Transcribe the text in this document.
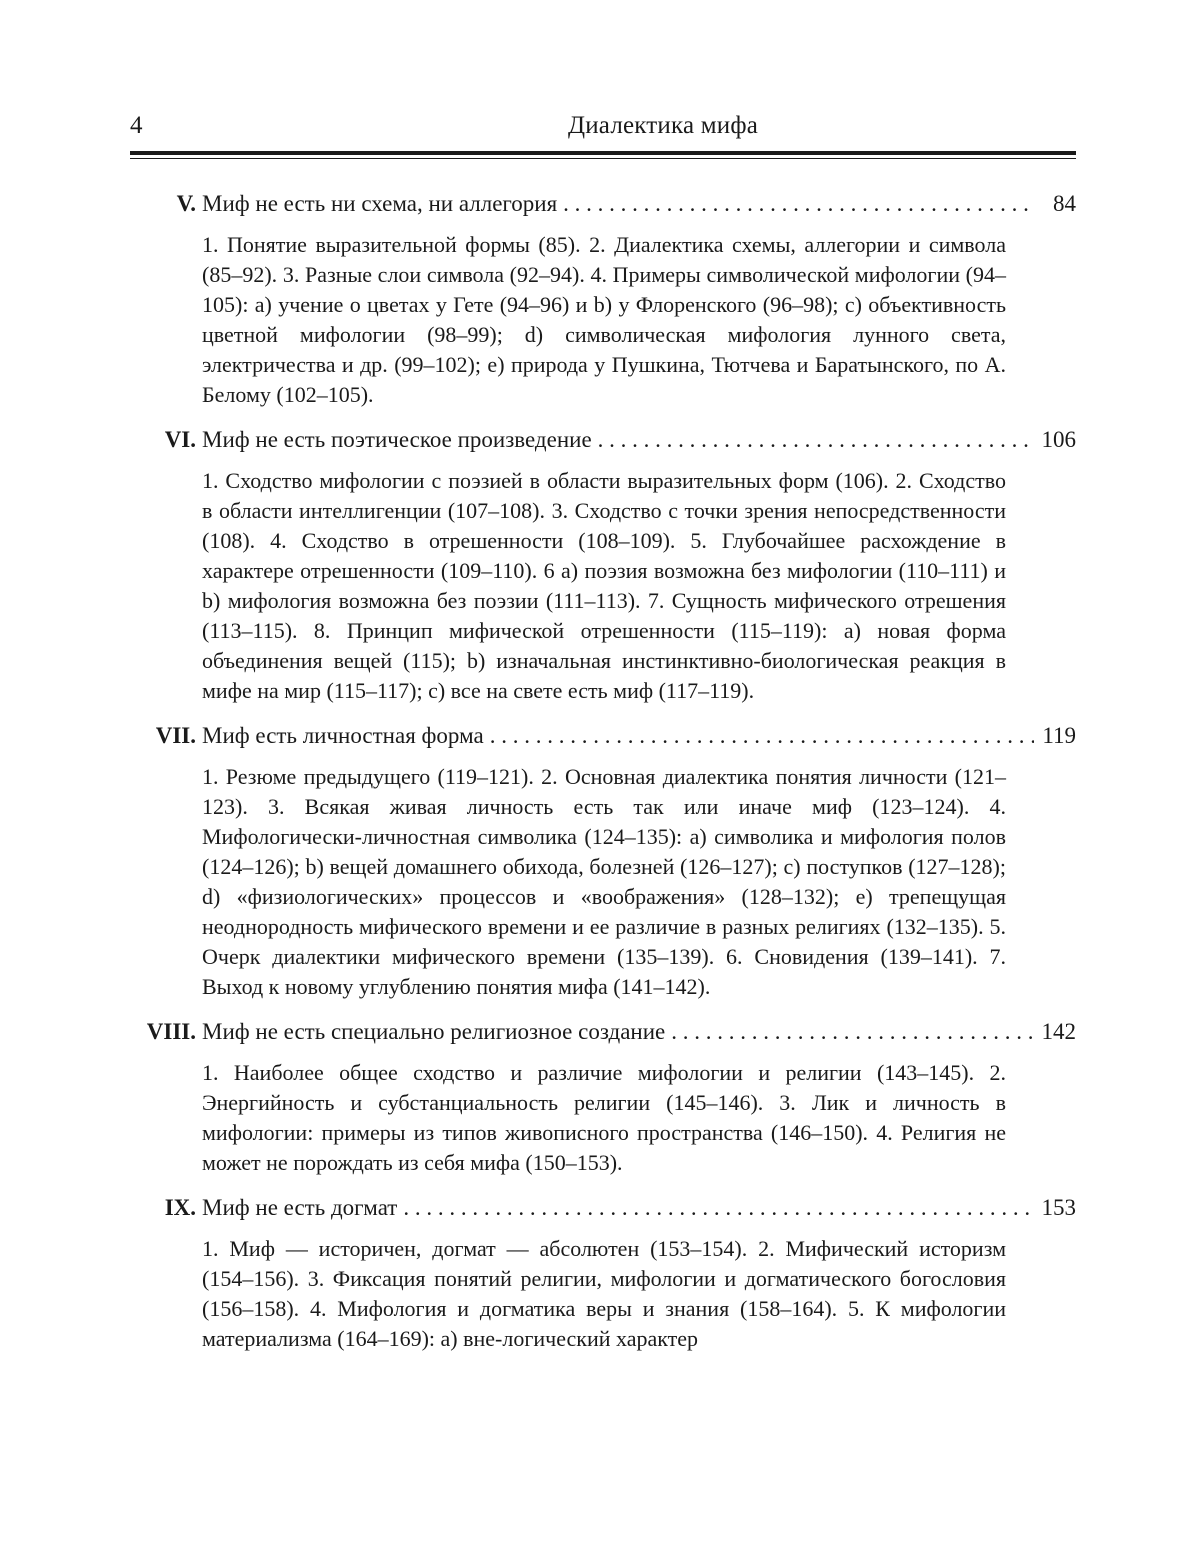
4	Диалектика мифа
V. Миф не есть ни схема, ни аллегория . . .	84
1. Понятие выразительной формы (85). 2. Диалектика схемы, аллегории и символа (85–92). 3. Разные слои символа (92–94). 4. Примеры символической мифологии (94–105): a) учение о цветах у Гете (94–96) и b) у Флоренского (96–98); c) объективность цветной мифологии (98–99); d) символическая мифология лунного света, электричества и др. (99–102); e) природа у Пушкина, Тютчева и Баратынского, по А. Белому (102–105).
VI. Миф не есть поэтическое произведение . . .	106
1. Сходство мифологии с поэзией в области выразительных форм (106). 2. Сходство в области интеллигенции (107–108). 3. Сходство с точки зрения непосредственности (108). 4. Сходство в отрешенности (108–109). 5. Глубочайшее расхождение в характере отрешенности (109–110). 6 a) поэзия возможна без мифологии (110–111) и b) мифология возможна без поэзии (111–113). 7. Сущность мифического отрешения (113–115). 8. Принцип мифической отрешенности (115–119): a) новая форма объединения вещей (115); b) изначальная инстинктивно-биологическая реакция в мифе на мир (115–117); c) все на свете есть миф (117–119).
VII. Миф есть личностная форма . . .	119
1. Резюме предыдущего (119–121). 2. Основная диалектика понятия личности (121–123). 3. Всякая живая личность есть так или иначе миф (123–124). 4. Мифологически-личностная символика (124–135): a) символика и мифология полов (124–126); b) вещей домашнего обихода, болезней (126–127); c) поступков (127–128); d) «физиологических» процессов и «воображения» (128–132); e) трепещущая неоднородность мифического времени и ее различие в разных религиях (132–135). 5. Очерк диалектики мифического времени (135–139). 6. Сновидения (139–141). 7. Выход к новому углублению понятия мифа (141–142).
VIII. Миф не есть специально религиозное создание . . .	142
1. Наиболее общее сходство и различие мифологии и религии (143–145). 2. Энергийность и субстанциальность религии (145–146). 3. Лик и личность в мифологии: примеры из типов живописного пространства (146–150). 4. Религия не может не порождать из себя мифа (150–153).
IX. Миф не есть догмат . . .	153
1. Миф — историчен, догмат — абсолютен (153–154). 2. Мифический историзм (154–156). 3. Фиксация понятий религии, мифологии и догматического богословия (156–158). 4. Мифология и догматика веры и знания (158–164). 5. К мифологии материализма (164–169): a) вне-логический характер
